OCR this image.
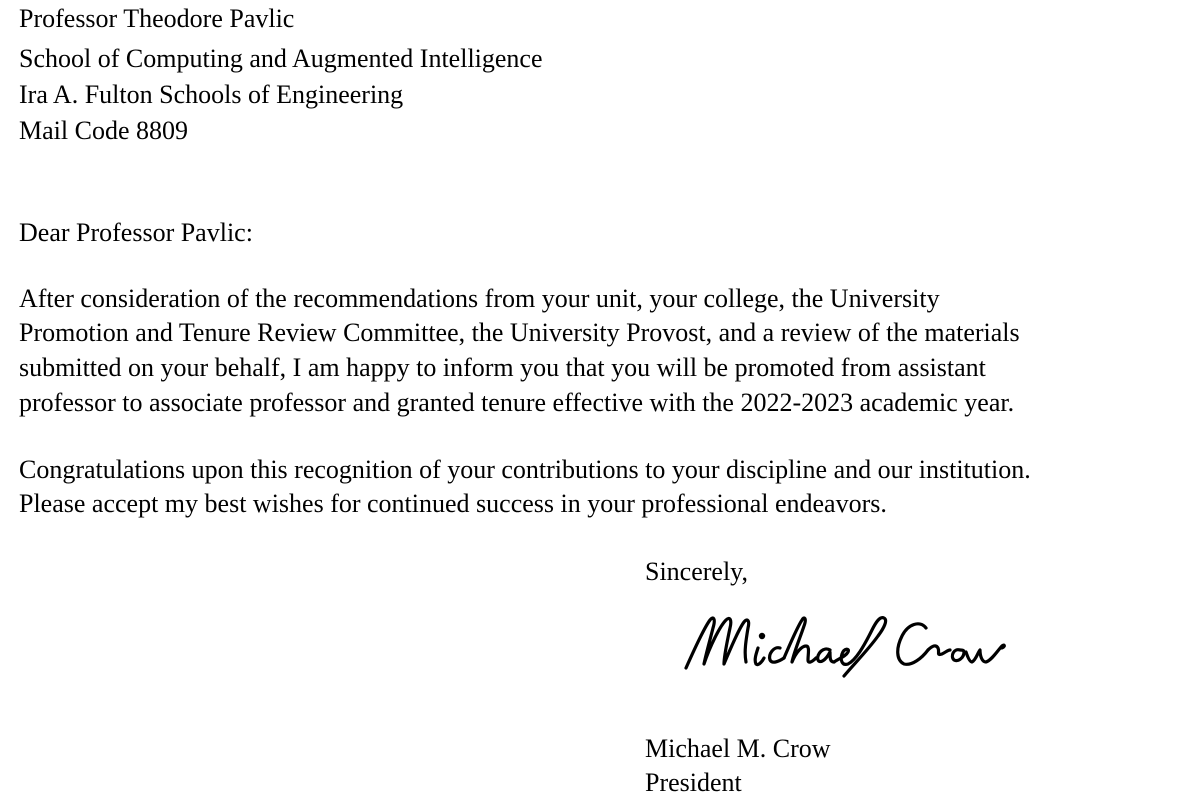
Professor Theodore Pavlic

School of Computing and Augmented Intelligence

Ira A. Fulton Schools of Engineering

Mail Code 8809

Dear Professor Pavlic:

After consideration of the recommendations from your unit, your college, the University

Promotion and Tenure Review Committee, the University Provost, and a review of the materials

submitted on your behalf, I am happy to inform you that you will be promoted from assistant

professor to associate professor and granted tenure effective with the 2022-2023 academic year.

Congratulations upon this recognition of your contributions to your discipline and our institution.

Please accept my best wishes for continued success in your professional endeavors.

Sincerely,

Michael M. Crow

President
